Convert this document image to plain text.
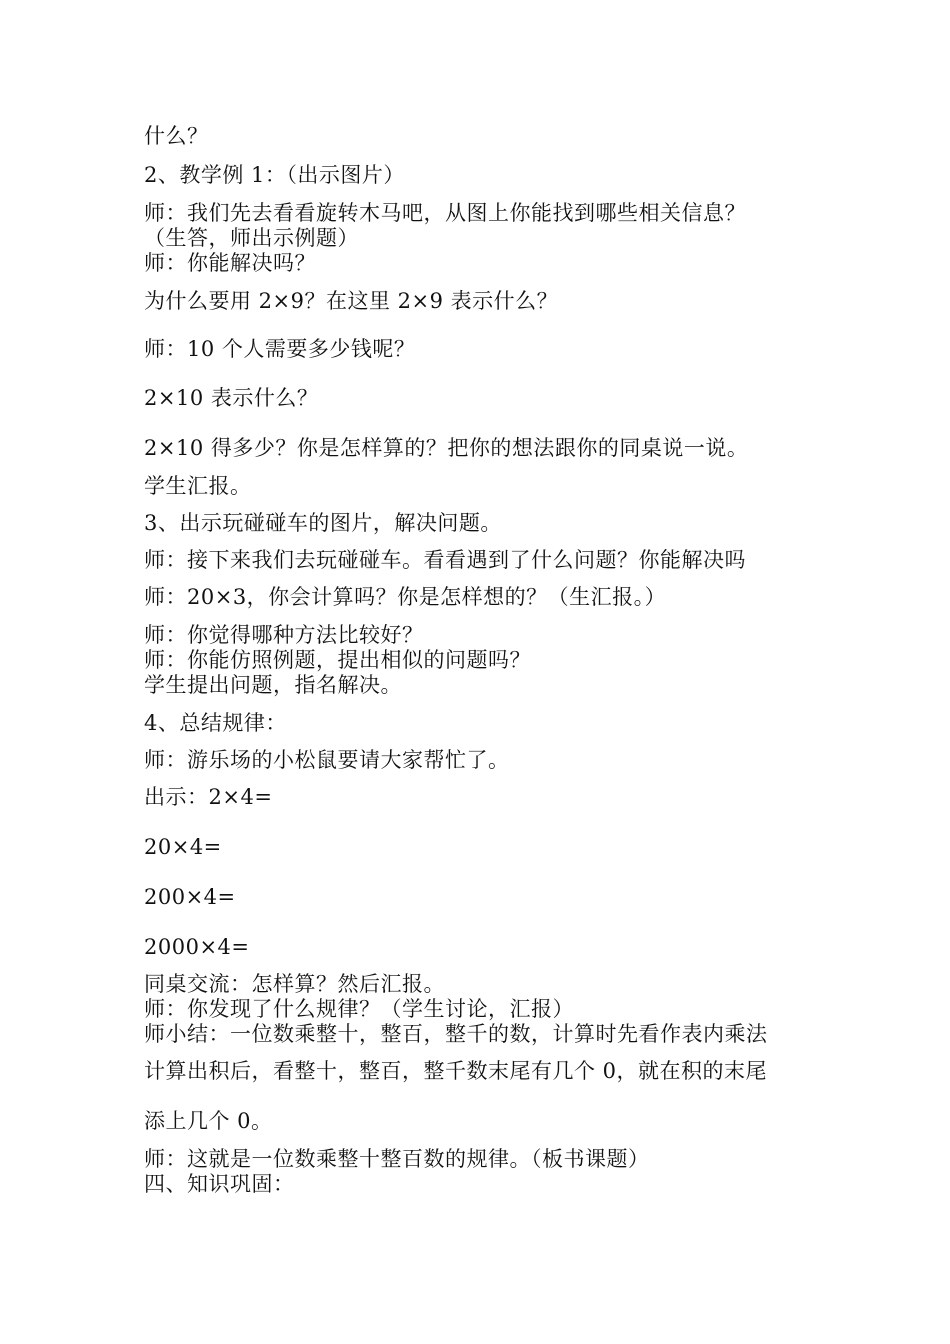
什么？
2、教学例 1：（出示图片）
师：我们先去看看旋转木马吧，从图上你能找到哪些相关信息？
（生答，师出示例题）
师：你能解决吗？
为什么要用 2×9？在这里 2×9 表示什么？
师：10 个人需要多少钱呢？
2×10 表示什么？
2×10 得多少？你是怎样算的？把你的想法跟你的同桌说一说。
学生汇报。
3、出示玩碰碰车的图片，解决问题。
师：接下来我们去玩碰碰车。看看遇到了什么问题？你能解决吗
师：20×3，你会计算吗？你是怎样想的？（生汇报。）
师：你觉得哪种方法比较好？
师：你能仿照例题，提出相似的问题吗？
学生提出问题，指名解决。
4、总结规律：
师：游乐场的小松鼠要请大家帮忙了。
出示：2×4=
20×4=
200×4=
2000×4=
同桌交流：怎样算？然后汇报。
师：你发现了什么规律？（学生讨论，汇报）
师小结：一位数乘整十，整百，整千的数，计算时先看作表内乘法
计算出积后，看整十，整百，整千数末尾有几个 0，就在积的末尾
添上几个 0。
师：这就是一位数乘整十整百数的规律。（板书课题）
四、知识巩固：
